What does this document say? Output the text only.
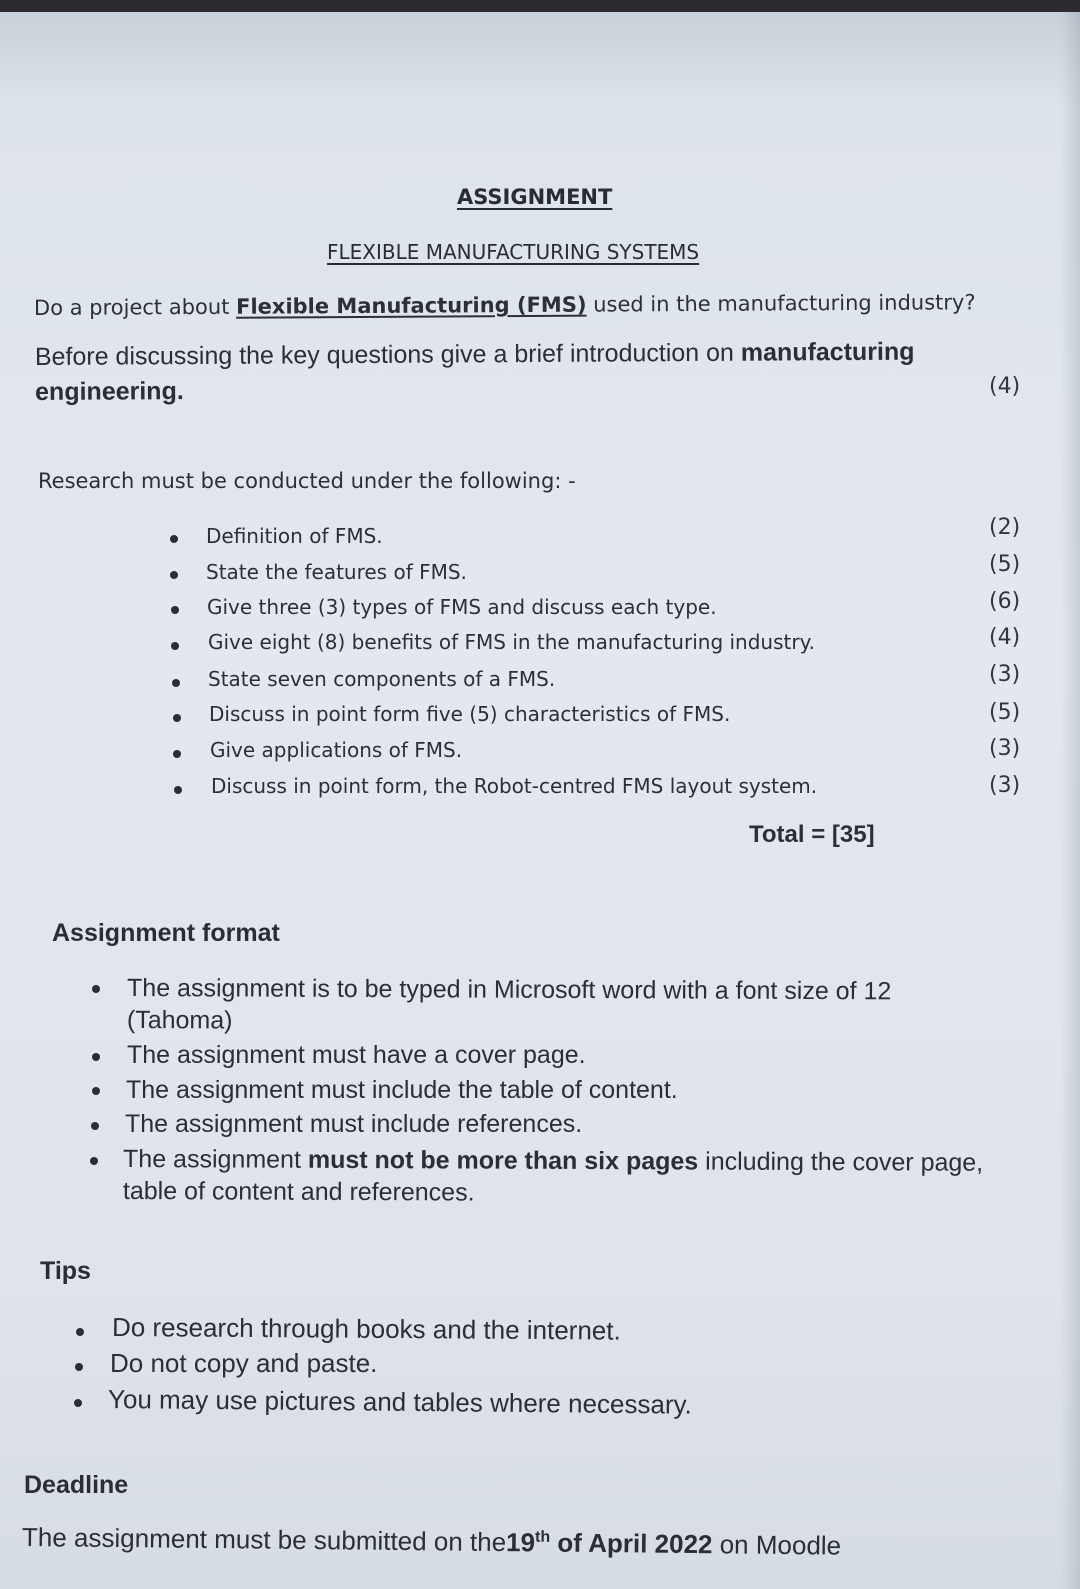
ASSIGNMENT
FLEXIBLE MANUFACTURING SYSTEMS
Do a project about Flexible Manufacturing (FMS) used in the manufacturing industry?
Before discussing the key questions give a brief introduction on manufacturing
engineering.	(4)
Research must be conducted under the following: -
Definition of FMS.	(2)
State the features of FMS.	(5)
Give three (3) types of FMS and discuss each type.	(6)
Give eight (8) benefits of FMS in the manufacturing industry.	(4)
State seven components of a FMS.	(3)
Discuss in point form five (5) characteristics of FMS.	(5)
Give applications of FMS.	(3)
Discuss in point form, the Robot-centred FMS layout system.	(3)
Total = [35]
Assignment format
The assignment is to be typed in Microsoft word with a font size of 12
(Tahoma)
The assignment must have a cover page.
The assignment must include the table of content.
The assignment must include references.
The assignment must not be more than six pages including the cover page,
table of content and references.
Tips
Do research through books and the internet.
Do not copy and paste.
You may use pictures and tables where necessary.
Deadline
The assignment must be submitted on the19th of April 2022 on Moodle
